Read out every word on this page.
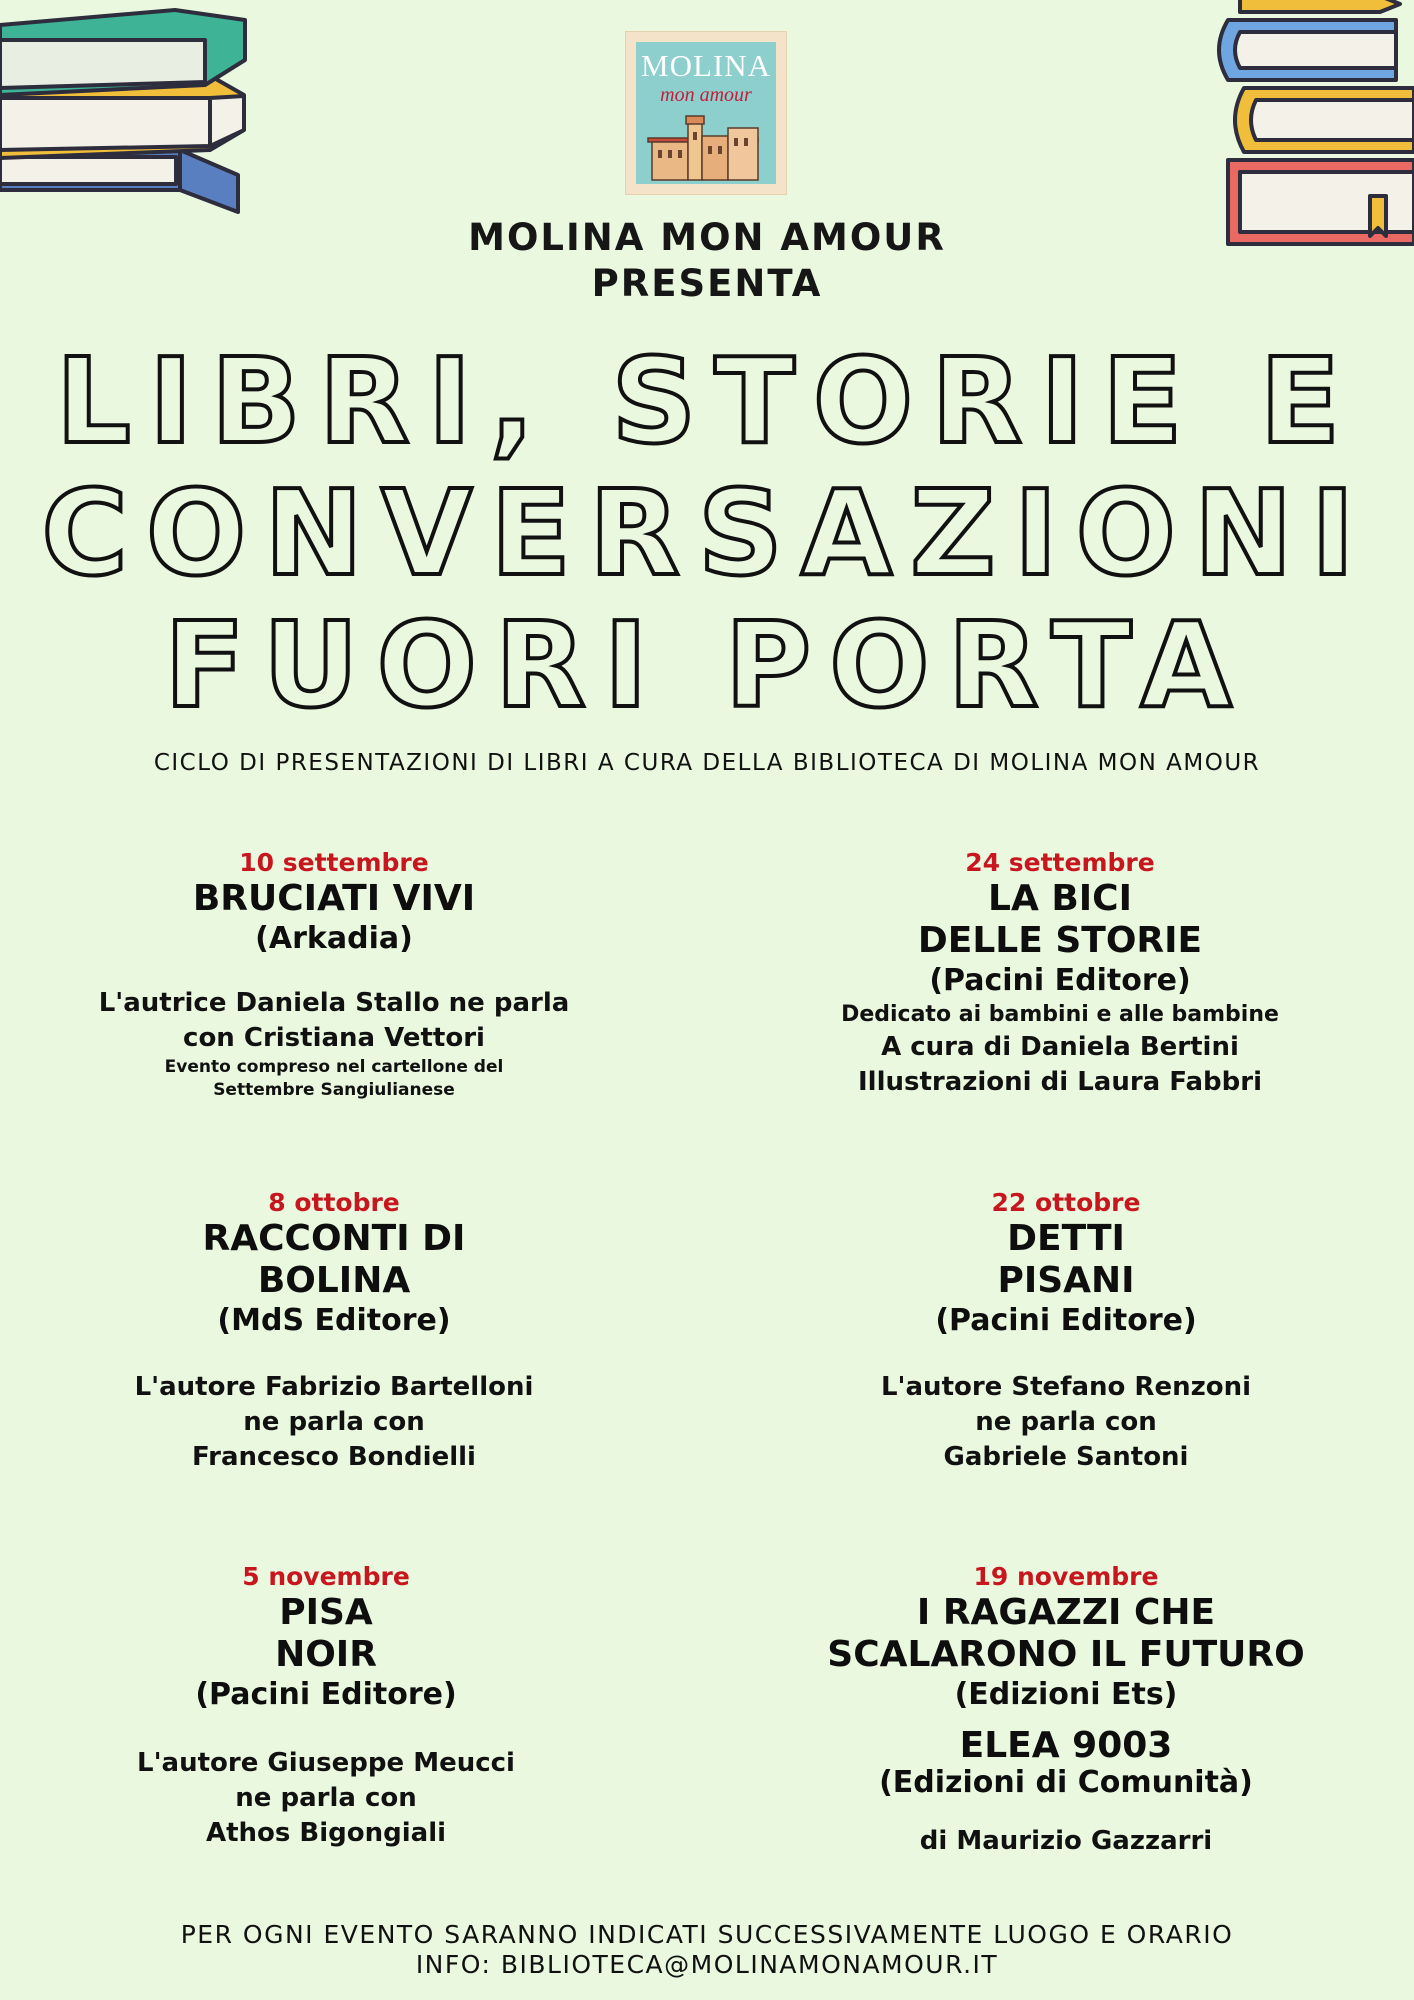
MOLINA
mon amour
MOLINA MON AMOUR
PRESENTA
LIBRI, STORIE E
CONVERSAZIONI
FUORI PORTA
CICLO DI PRESENTAZIONI DI LIBRI A CURA DELLA BIBLIOTECA DI MOLINA MON AMOUR
10 settembre
BRUCIATI VIVI
(Arkadia)
L'autrice Daniela Stallo ne parla
con Cristiana Vettori
Evento compreso nel cartellone del
Settembre Sangiulianese
24 settembre
LA BICI
DELLE STORIE
(Pacini Editore)
Dedicato ai bambini e alle bambine
A cura di Daniela Bertini
Illustrazioni di Laura Fabbri
8 ottobre
RACCONTI DI
BOLINA
(MdS Editore)
L'autore Fabrizio Bartelloni
ne parla con
Francesco Bondielli
22 ottobre
DETTI
PISANI
(Pacini Editore)
L'autore Stefano Renzoni
ne parla con
Gabriele Santoni
5 novembre
PISA
NOIR
(Pacini Editore)
L'autore Giuseppe Meucci
ne parla con
Athos Bigongiali
19 novembre
I RAGAZZI CHE
SCALARONO IL FUTURO
(Edizioni Ets)
ELEA 9003
(Edizioni di Comunità)
di Maurizio Gazzarri
PER OGNI EVENTO SARANNO INDICATI SUCCESSIVAMENTE LUOGO E ORARIO
INFO: BIBLIOTECA@MOLINAMONAMOUR.IT
